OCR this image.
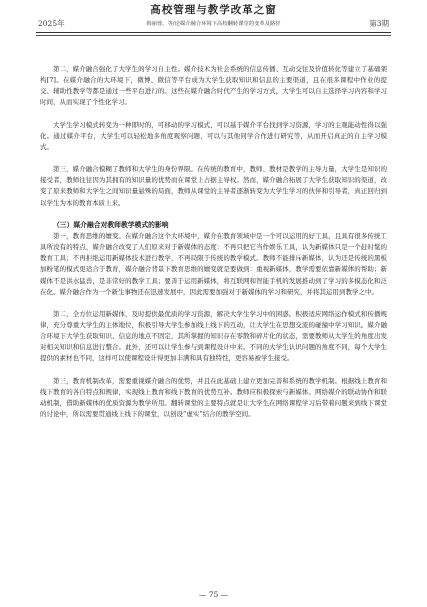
高校管理与教学改革之窗
2025年	韩丽蓉，等/论媒介融合环境下高校翻转课堂的变革及路径	第3期

第二，媒介融合强化了大学生的学习自主性。媒介技术为社会系统的信息传播、互动交往及价值转化等建立了基础架构[7]。在媒介融合的大环境下，微博、微信等平台成为大学生获取知识和信息的主要渠道，且在很多课程中作业的提交、辅助性教学等都是通过一些平台进行的。这些在媒介融合时代产生的学习方式，大学生可以自主选择学习内容和学习时间，从而实现了个性化学习。

大学生学习模式转变为一种即时的，可移动的学习模式，可以基于媒介平台找到学习资源，学习的主观能动性得以强化。通过媒介平台，大学生可以轻松地多角度观察问题，可以与其他同学合作进行研究等，从而开启真正的自主学习模式。

第三，媒介融合模糊了教师和大学生的身份界限。在传统的教育中，教师、教材是教学的主导力量，大学生是知识的接受者，教师往往因为其拥有的知识量的优势而在课堂上占据主导权。然而，媒介融合拓展了大学生获取知识的渠道，改变了原来教师和大学生之间知识量悬殊的局面，教师从课堂的主导者逐渐转变为大学生学习的伙伴和引导者，真正回归到以学生为本的教育本质上来。

（三）媒介融合对教师教学模式的影响

第一，教育思维的嬗变。在媒介融合这个大环境中，媒介在教育领域中是一个可以运用的好工具，且具有很多传统工具所没有的特点，媒介融合改变了人们原来对于新媒体的态度：不再只把它当作娱乐工具，认为新媒体只是一个赶时髦的教育工具；不再拒绝运用新媒体技术进行教学，不再局限于传统的教学模式。教师不能排斥新媒体，认为还是传统的黑板加粉笔的模式更适合于教育，媒介融合背景下教育思维的嬗变就是要做到：重视新媒体，教学需要依靠新媒体的帮助；新媒体不是洪水猛兽，是非常好的教学工具；要善于运用新媒体，将互联网和智能手机的发展推动到了学习的多模态化和泛在化。媒介融合作为一个新生事物还在迅速发展中，因此需要加强对于新媒体的学习和研究，并将其运用到教学之中。

第二，全方位运用新媒体，及时提供最优质的学习资源，解决大学生学习中的困惑。积极适应网络运作模式和传播规律，充分尊重大学生的主体地位，积极引导大学生参加线上线下的互动，让大学生在思想交流的碰撞中学习知识。媒介融合环境下大学生获取知识、信息的地点不固定，其所掌握的知识存在零散和碎片化的状态，需要教师从大学生的角度出发对相关知识和信息进行整合。此外，还可以让学生参与到课程设计中来。不同的大学生认识问题的角度不同，每个大学生提供的素材也不同，这样可以使课程设计得更加丰满和具有独特性，更容易被学生接受。

第三，教育机制改革，需要重视媒介融合的优势，并且在此基础上建立更加完善和系统的教学机制。根据线上教育和线下教育的各自特点和规律，实现线上教育和线下教育的优势互补。教师应积极探索与新媒体、网络媒介的联动协作和联动机制，借助新媒体的优质资源为教学所用。翻转课堂的主要特点就是让大学生在网络课程学习后带着问题来到线下课堂的讨论中，所以需要贯通线上线下的课堂，以创设“虚实”结合的教学空间。

— 75 —
